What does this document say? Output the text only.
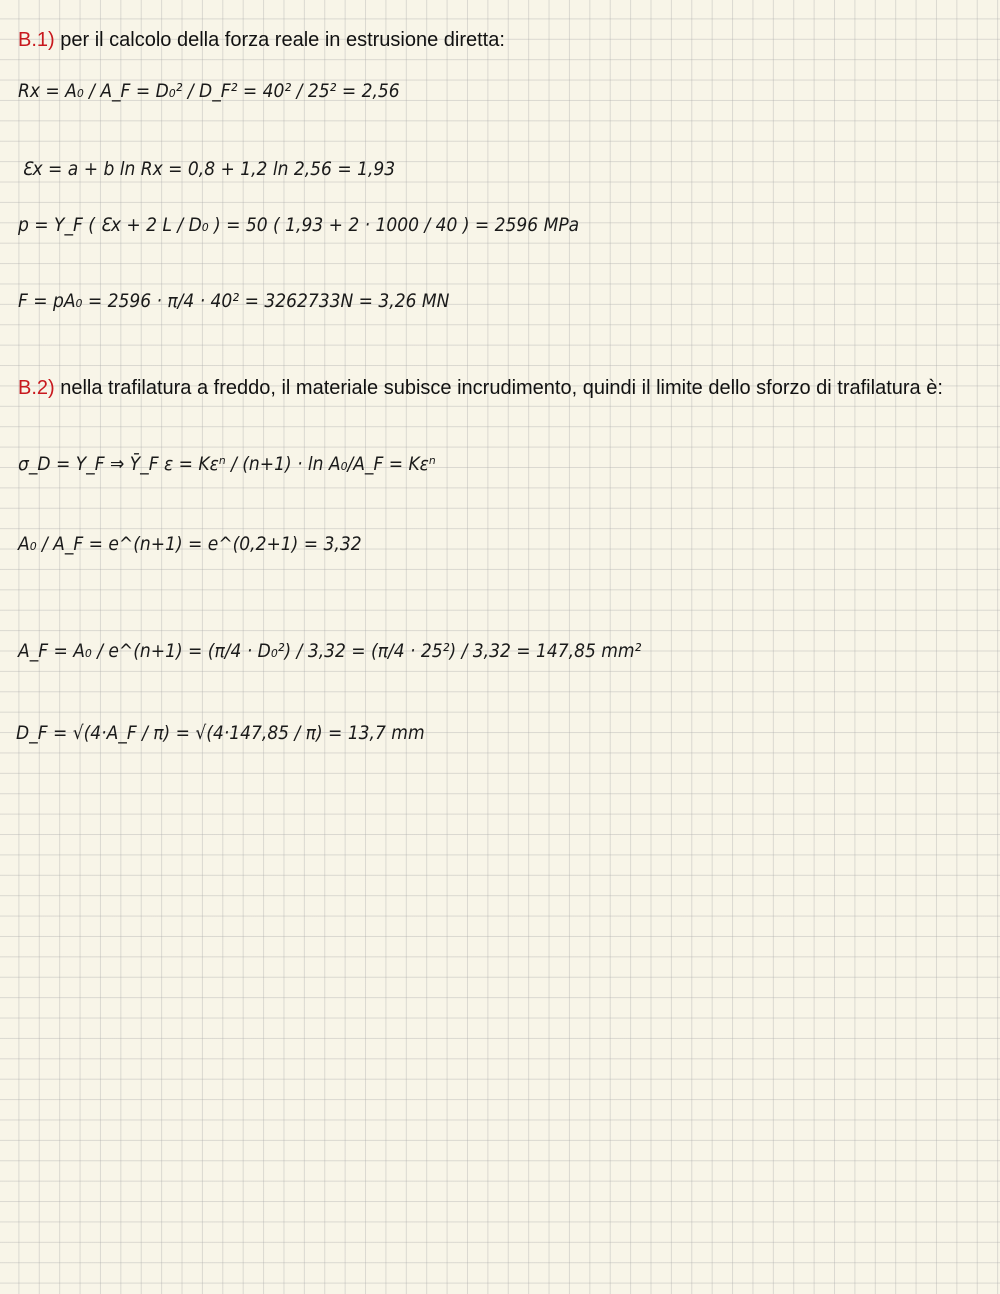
B.1) per il calcolo della forza reale in estrusione diretta:

Rx = A₀ / A_F = D₀² / D_F² = 40² / 25² = 2,56
Ɛx = a + b ln Rx = 0,8 + 1,2 ln 2,56 = 1,93
p = Y_F ( Ɛx + 2 L / D₀ ) = 50 ( 1,93 + 2 · 1000 / 40 ) = 2596 MPa
F = pA₀ = 2596 · π/4 · 40² = 3262733N = 3,26 MN

B.2) nella trafilatura a freddo, il materiale subisce incrudimento, quindi il limite dello sforzo di trafilatura è:

σ_D = Y_F ⇒ Ȳ_F ε = Kεⁿ / (n+1) · ln A₀/A_F = Kεⁿ
A₀ / A_F = e^(n+1) = e^(0,2+1) = 3,32
A_F = A₀ / e^(n+1) = (π/4 · D₀²) / 3,32 = (π/4 · 25²) / 3,32 = 147,85 mm²
D_F = √(4·A_F / π) = √(4·147,85 / π) = 13,7 mm
